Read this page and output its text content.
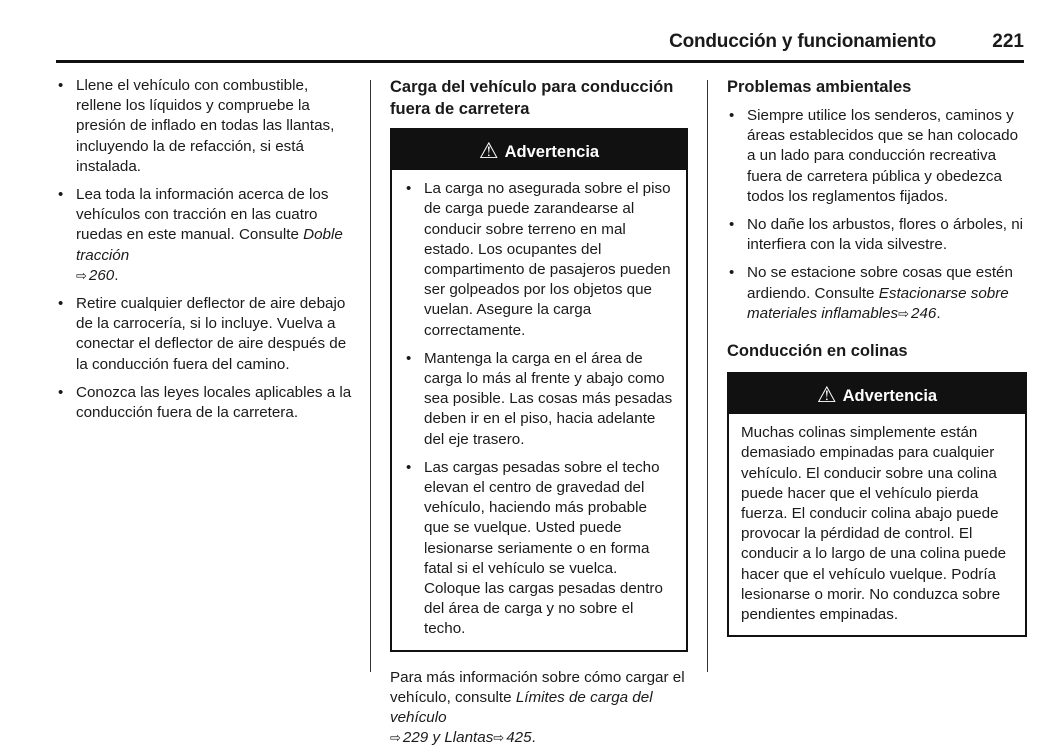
Conducción y funcionamiento	221
• Llene el vehículo con combustible, rellene los líquidos y compruebe la presión de inflado en todas las llantas, incluyendo la de refacción, si está instalada.
• Lea toda la información acerca de los vehículos con tracción en las cuatro ruedas en este manual. Consulte Doble tracción
⇨ 260.
• Retire cualquier deflector de aire debajo de la carrocería, si lo incluye. Vuelva a conectar el deflector de aire después de la conducción fuera del camino.
• Conozca las leyes locales aplicables a la conducción fuera de la carretera.
Carga del vehículo para conducción fuera de carretera
⚠ Advertencia
• La carga no asegurada sobre el piso de carga puede zarandearse al conducir sobre terreno en mal estado. Los ocupantes del compartimento de pasajeros pueden ser golpeados por los objetos que vuelan. Asegure la carga correctamente.
• Mantenga la carga en el área de carga lo más al frente y abajo como sea posible. Las cosas más pesadas deben ir en el piso, hacia adelante del eje trasero.
• Las cargas pesadas sobre el techo elevan el centro de gravedad del vehículo, haciendo más probable que se vuelque. Usted puede lesionarse seriamente o en forma fatal si el vehículo se vuelca. Coloque las cargas pesadas dentro del área de carga y no sobre el techo.

Para más información sobre cómo cargar el vehículo, consulte Límites de carga del vehículo
⇨ 229 y Llantas⇨ 425.

Problemas ambientales
• Siempre utilice los senderos, caminos y áreas establecidos que se han colocado a un lado para conducción recreativa fuera de carretera pública y obedezca todos los reglamentos fijados.
• No dañe los arbustos, flores o árboles, ni interfiera con la vida silvestre.
• No se estacione sobre cosas que estén ardiendo. Consulte Estacionarse sobre materiales inflamables⇨ 246.
Conducción en colinas
⚠ Advertencia
Muchas colinas simplemente están demasiado empinadas para cualquier vehículo. El conducir sobre una colina puede hacer que el vehículo pierda fuerza. El conducir colina abajo puede provocar la pérdidad de control. El conducir a lo largo de una colina puede hacer que el vehículo vuelque. Podría lesionarse o morir. No conduzca sobre pendientes empinadas.
